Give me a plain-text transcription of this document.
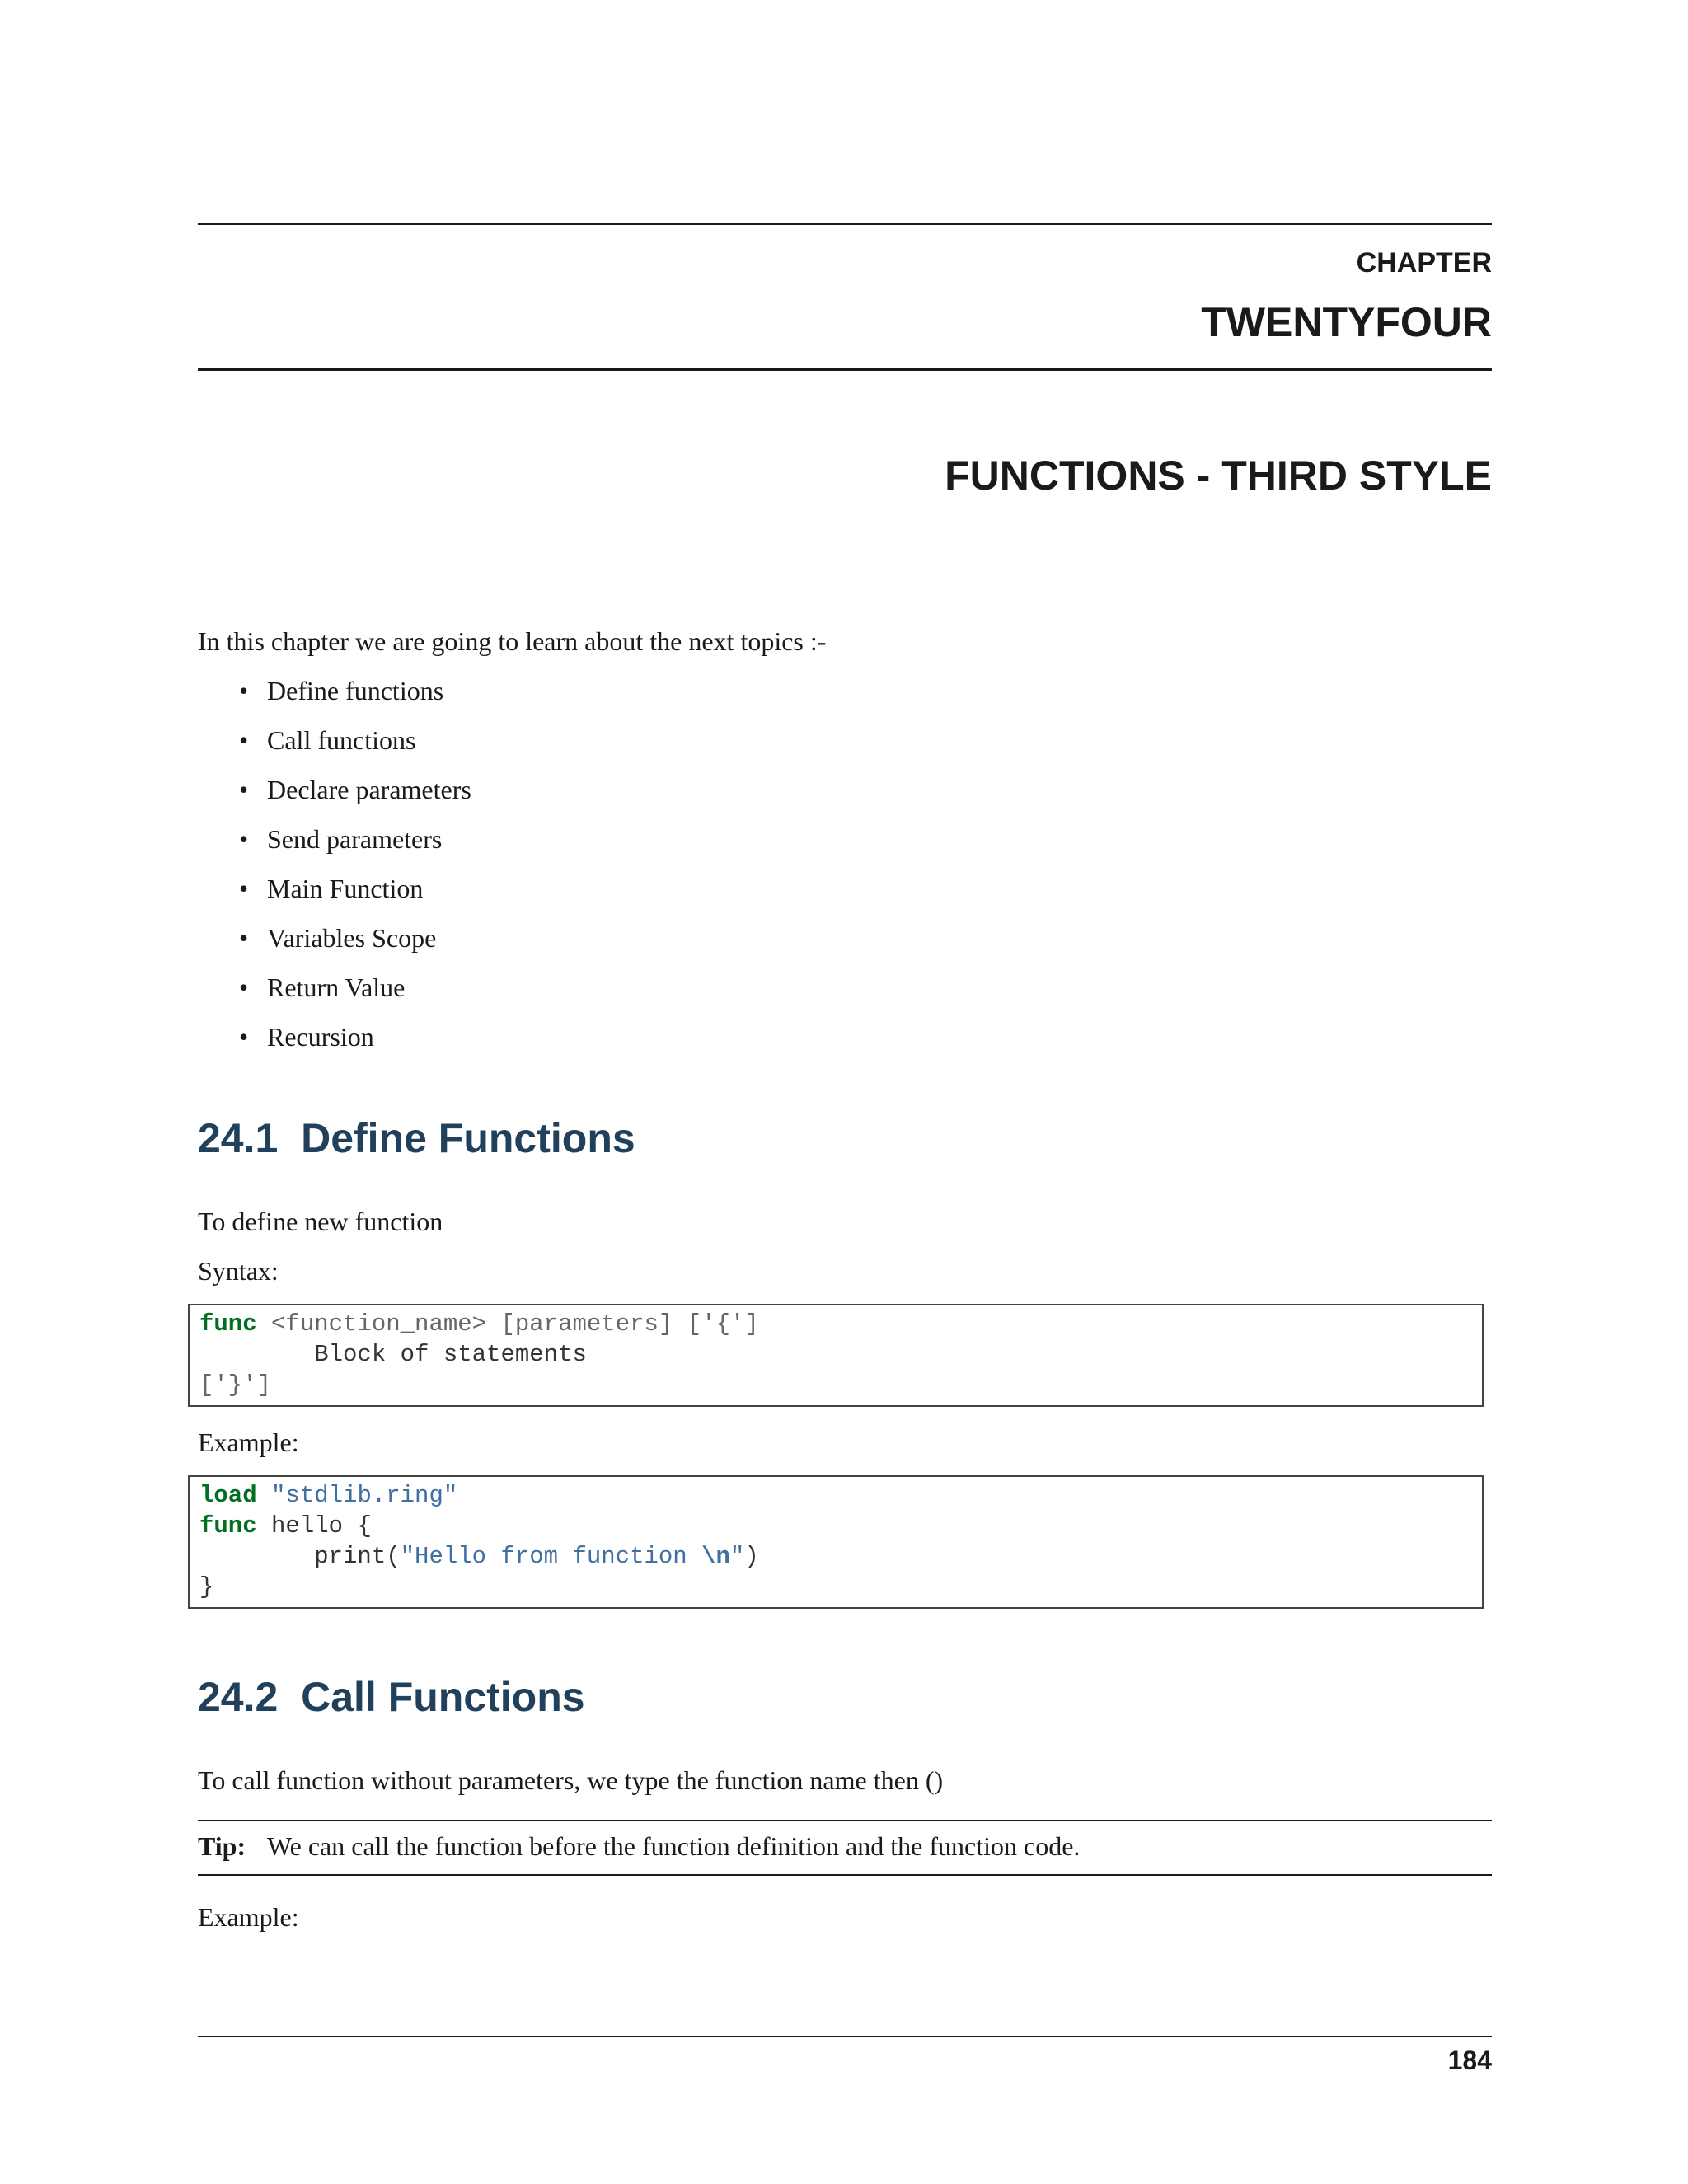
CHAPTER
TWENTYFOUR
FUNCTIONS - THIRD STYLE
In this chapter we are going to learn about the next topics :-
• Define functions
• Call functions
• Declare parameters
• Send parameters
• Main Function
• Variables Scope
• Return Value
• Recursion
24.1  Define Functions
To define new function
Syntax:
func <function_name> [parameters] ['{']
Block of statements
['}']
Example:
load "stdlib.ring"
func hello {
print("Hello from function \n")
}
24.2  Call Functions
To call function without parameters, we type the function name then ()
Tip: We can call the function before the function definition and the function code.
Example:
184
